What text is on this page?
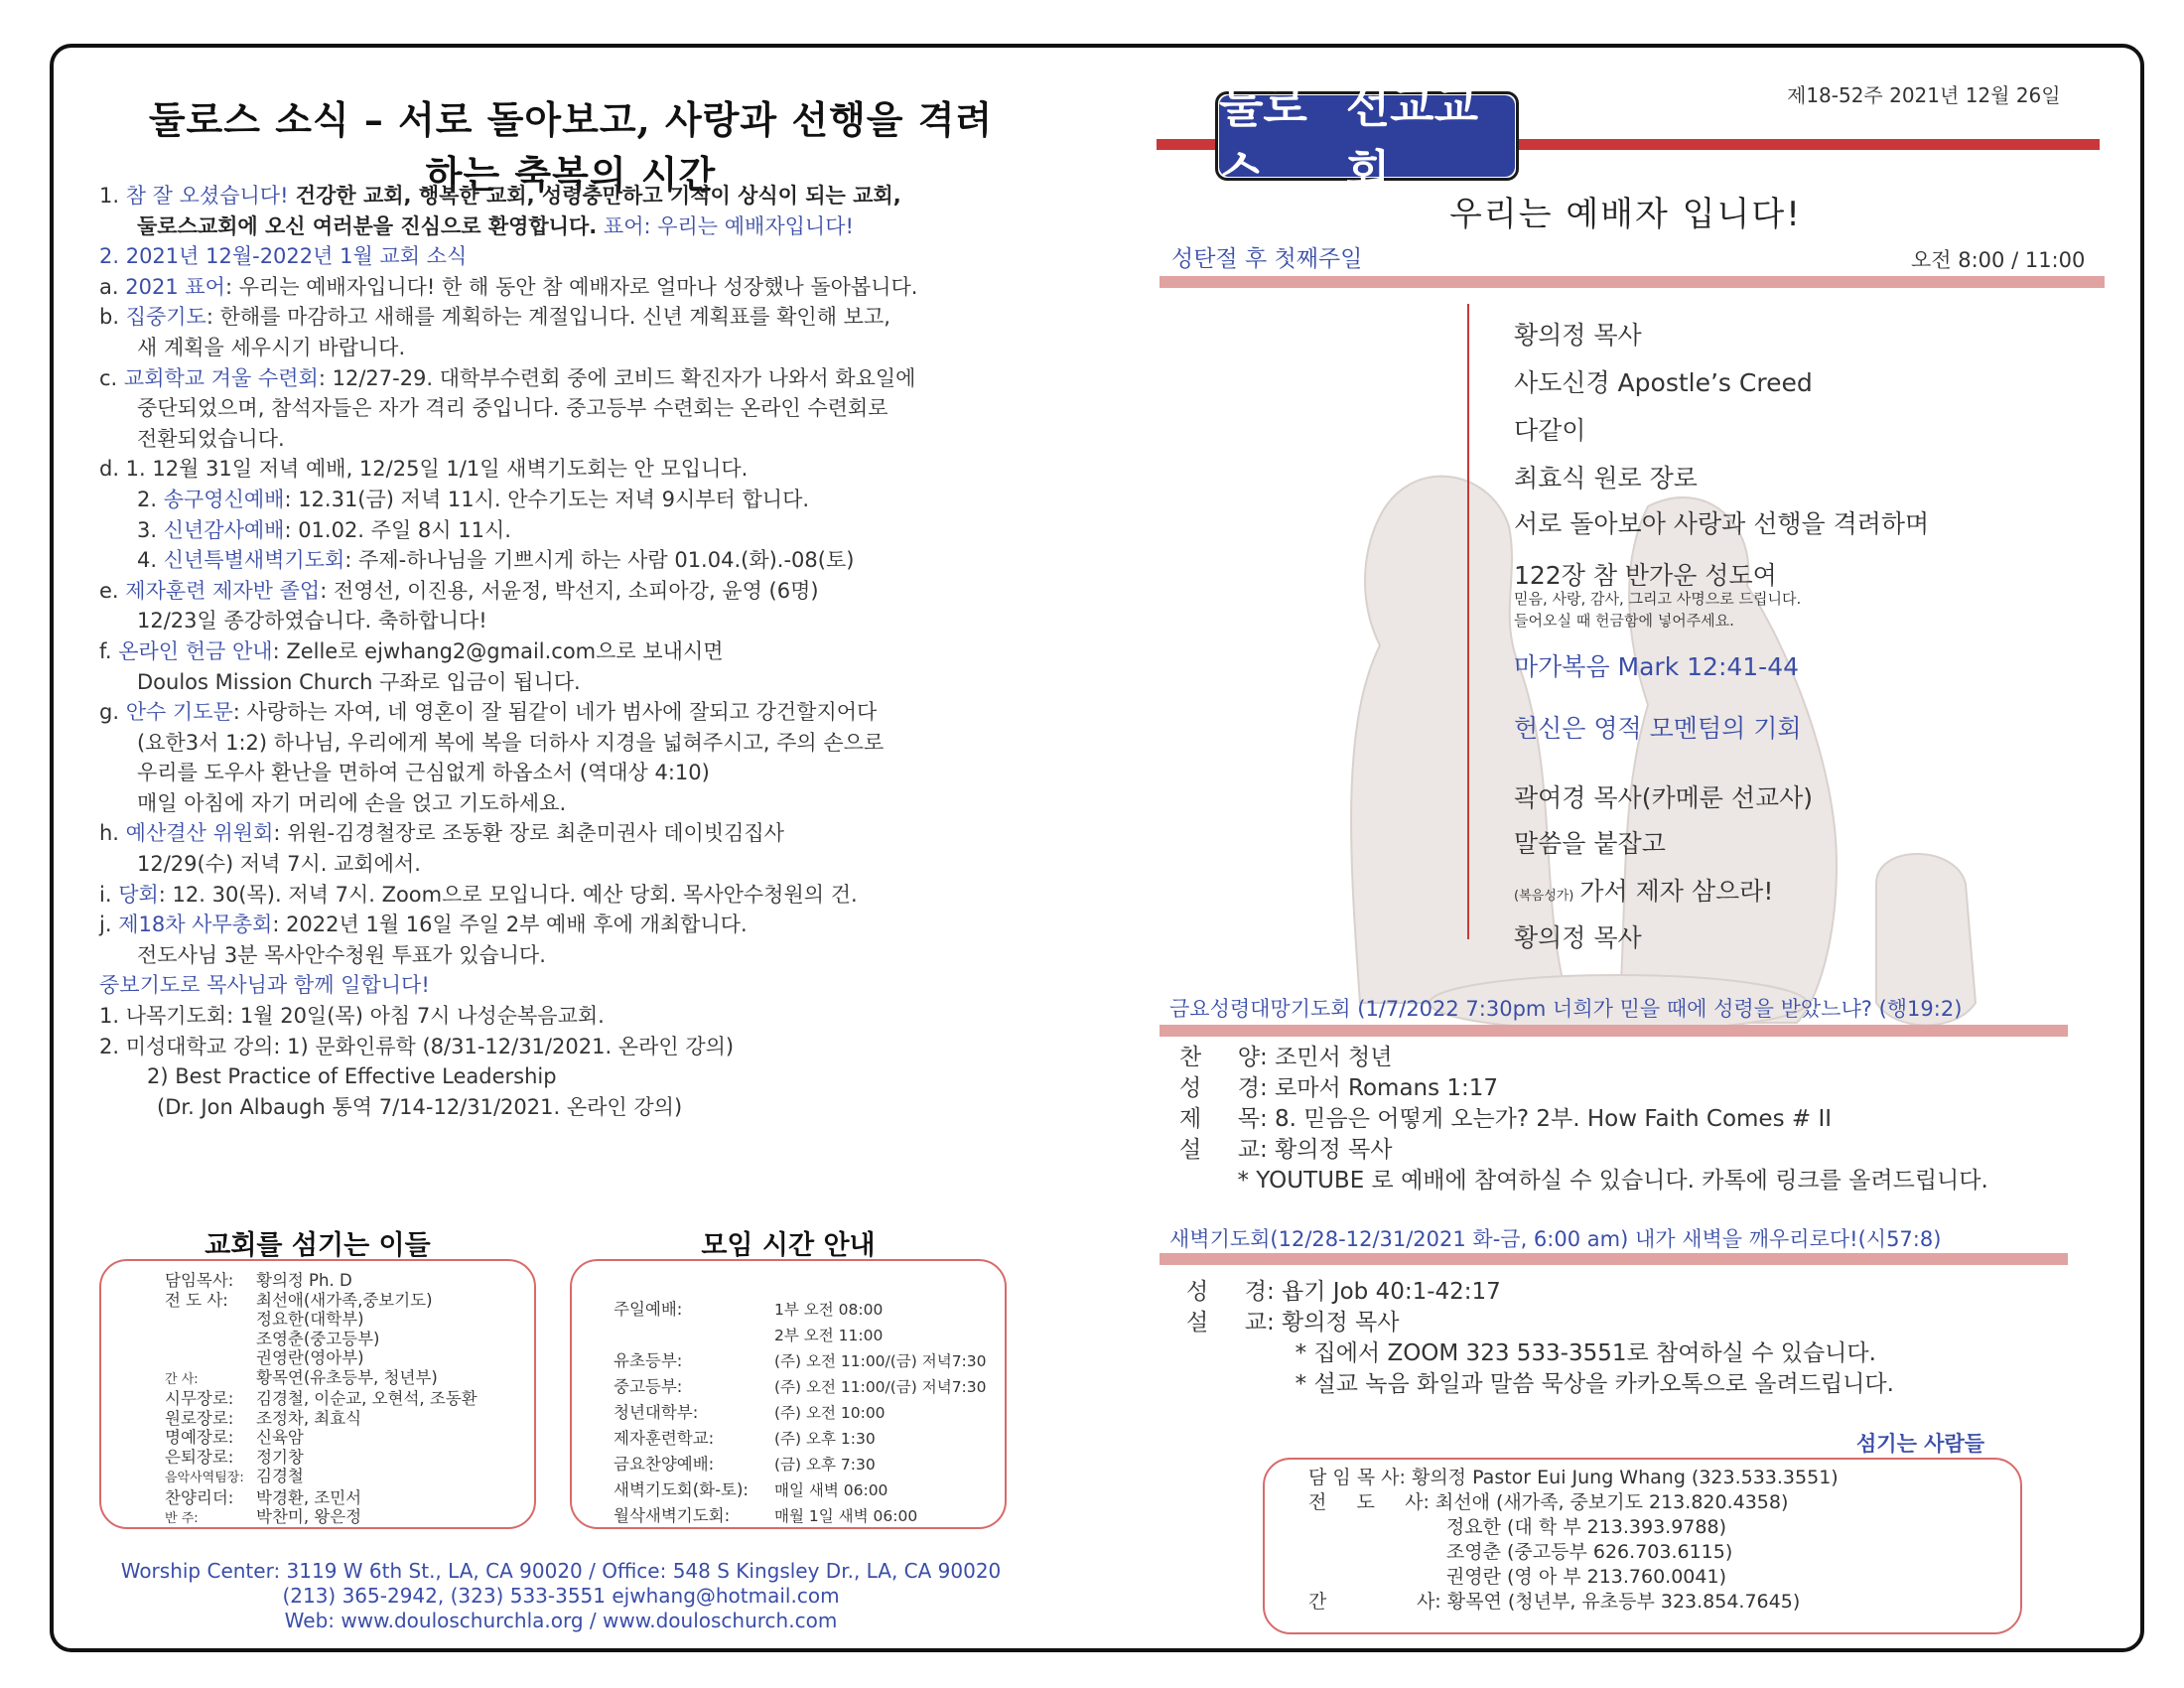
둘로스 소식 – 서로 돌아보고, 사랑과 선행을 격려하는 축복의 시간
1. 참 잘 오셨습니다! 건강한 교회, 행복한 교회, 성령충만하고 기적이 상식이 되는 교회,
둘로스교회에 오신 여러분을 진심으로 환영합니다. 표어: 우리는 예배자입니다!
2. 2021년 12월-2022년 1월 교회 소식
a. 2021 표어: 우리는 예배자입니다! 한 해 동안 참 예배자로 얼마나 성장했나 돌아봅니다.
b. 집중기도: 한해를 마감하고 새해를 계획하는 계절입니다. 신년 계획표를 확인해 보고,
새 계획을 세우시기 바랍니다.
c. 교회학교 겨울 수련회: 12/27-29. 대학부수련회 중에 코비드 확진자가 나와서 화요일에
중단되었으며, 참석자들은 자가 격리 중입니다. 중고등부 수련회는 온라인 수련회로
전환되었습니다.
d. 1. 12월 31일 저녁 예배, 12/25일 1/1일 새벽기도회는 안 모입니다.
2. 송구영신예배: 12.31(금) 저녁 11시. 안수기도는 저녁 9시부터 합니다.
3. 신년감사예배: 01.02. 주일 8시 11시.
4. 신년특별새벽기도회: 주제-하나님을 기쁘시게 하는 사람 01.04.(화).-08(토)
e. 제자훈련 제자반 졸업: 전영선, 이진용, 서윤정, 박선지, 소피아강, 윤영 (6명)
12/23일 종강하였습니다. 축하합니다!
f. 온라인 헌금 안내: Zelle로 ejwhang2@gmail.com으로 보내시면
Doulos Mission Church 구좌로 입금이 됩니다.
g. 안수 기도문: 사랑하는 자여, 네 영혼이 잘 됨같이 네가 범사에 잘되고 강건할지어다
(요한3서 1:2) 하나님, 우리에게 복에 복을 더하사 지경을 넓혀주시고, 주의 손으로
우리를 도우사 환난을 면하여 근심없게 하옵소서 (역대상 4:10)
매일 아침에 자기 머리에 손을 얹고 기도하세요.
h. 예산결산 위원회: 위원-김경철장로 조동환 장로 최춘미권사 데이빗김집사
12/29(수) 저녁 7시. 교회에서.
i. 당회: 12. 30(목). 저녁 7시. Zoom으로 모입니다. 예산 당회. 목사안수청원의 건.
j. 제18차 사무총회: 2022년 1월 16일 주일 2부 예배 후에 개최합니다.
전도사님 3분 목사안수청원 투표가 있습니다.
중보기도로 목사님과 함께 일합니다!
1. 나목기도회: 1월 20일(목) 아침 7시 나성순복음교회.
2. 미성대학교 강의: 1) 문화인류학 (8/31-12/31/2021. 온라인 강의)
2) Best Practice of Effective Leadership
(Dr. Jon Albaugh 통역 7/14-12/31/2021. 온라인 강의)
교회를 섬기는 이들
담임목사: 황의정 Ph. D
전 도 사: 최선애(새가족,중보기도)
정요한(대학부)
조영춘(중고등부)
권영란(영아부)
간 사:	황목연(유초등부, 청년부)
시무장로: 김경철, 이순교, 오현석, 조동환
원로장로: 조정차, 최효식
명예장로: 신육암
은퇴장로: 정기창
음악사역팀장: 김경철
찬양리더: 박경환, 조민서
반 주:	박찬미, 왕은정
모임 시간 안내
주일예배:	1부 오전 08:00
2부 오전 11:00
유초등부:	(주) 오전 11:00/(금) 저녁7:30
중고등부:	(주) 오전 11:00/(금) 저녁7:30
청년대학부:	(주) 오전 10:00
제자훈련학교:	(주) 오후 1:30
금요찬양예배:	(금) 오후 7:30
새벽기도회(화-토): 매일 새벽 06:00
월삭새벽기도회:	매월 1일 새벽 06:00
Worship Center: 3119 W 6th St., LA, CA 90020 / Office: 548 S Kingsley Dr., LA, CA 90020
(213) 365-2942, (323) 533-3551 ejwhang@hotmail.com
Web: www.douloschurchla.org / www.douloschurch.com
제18-52주 2021년 12월 26일
둘로스
선교교회
우리는 예배자 입니다!
성탄절 후 첫째주일	오전 8:00 / 11:00
황의정 목사
사도신경 Apostle’s Creed
다같이
최효식 원로 장로
서로 돌아보아 사랑과 선행을 격려하며
122장 참 반가운 성도여
마가복음 Mark 12:41-44
헌신은 영적 모멘텀의 기회
곽여경 목사(카메룬 선교사)
말씀을 붙잡고
(복음성가) 가서 제자 삼으라!
황의정 목사
믿음, 사랑, 감사, 그리고 사명으로 드립니다.
들어오실 때 헌금함에 넣어주세요.
금요성령대망기도회 (1/7/2022 7:30pm 너희가 믿을 때에 성령을 받았느냐? (행19:2)
찬     양: 조민서 청년
성     경: 로마서 Romans 1:17
제     목: 8. 믿음은 어떻게 오는가? 2부. How Faith Comes # II
설     교: 황의정 목사
* YOUTUBE 로 예배에 참여하실 수 있습니다. 카톡에 링크를 올려드립니다.
새벽기도회(12/28-12/31/2021 화-금, 6:00 am) 내가 새벽을 깨우리로다!(시57:8)
성     경: 욥기 Job 40:1-42:17
설     교: 황의정 목사
* 집에서 ZOOM 323 533-3551로 참여하실 수 있습니다.
* 설교 녹음 화일과 말씀 묵상을 카카오톡으로 올려드립니다.
섬기는 사람들
담 임 목 사: 황의정 Pastor Eui Jung Whang (323.533.3551)
전     도     사: 최선애 (새가족, 중보기도 213.820.4358)
정요한 (대 학 부 213.393.9788)
조영춘 (중고등부 626.703.6115)
권영란 (영 아 부 213.760.0041)
간               사: 황목연 (청년부, 유초등부 323.854.7645)
